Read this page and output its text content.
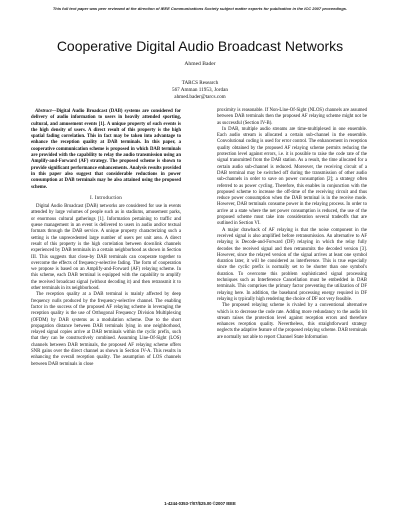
This full text paper was peer reviewed at the direction of IEEE Communications Society subject matter experts for publication in the ICC 2007 proceedings.
Cooperative Digital Audio Broadcast Networks
Ahmed Bader
TARCS Research
567 Amman 11953, Jordan
ahmed.bader@tarcs.com

Abstract—Digital Audio Broadcast (DAB) systems are considered for delivery of audio information to users in heavily attended sporting, cultural, and amusement events [1]. A unique property of such events is the high density of users. A direct result of this property is the high spatial fading correlation. This in fact may be taken into advantage to enhance the reception quality at DAB terminals. In this paper, a cooperative communication scheme is proposed in which DAB terminals are provided with the capability to relay the audio transmission using an Amplify-and-Forward (AF) strategy. The proposed scheme is shown to provide significant performance enhancements. Analysis results provided in this paper also suggest that considerable reductions in power consumption at DAB terminals may be also attained using the proposed scheme.

I. Introduction

Digital Audio Broadcast (DAB) networks are considered for use in events attended by large volumes of people such as in stadiums, amusement parks, or enormous cultural gatherings [1]. Information pertaining to traffic and queue management in an event is delivered to users in audio and/or textual formats through the DAB service. A unique property characterizing such a setting is the unprecedented large number of users per unit area. A direct result of this property is the high correlation between downlink channels experienced by DAB terminals in a certain neighborhood as shown in Section III. This suggests that close-by DAB terminals can cooperate together to overcome the effects of frequency-selective fading. The form of cooperation we propose is based on an Amplify-and-Forward (AF) relaying scheme. In this scheme, each DAB terminal is equipped with the capability to amplify the received broadcast signal (without decoding it) and then retransmit it to other terminals in its neighborhood.

The reception quality at a DAB terminal is mainly affected by deep frequency nulls produced by the frequency-selective channel. The enabling factor in the success of the proposed AF relaying scheme in leveraging the reception quality is the use of Orthogonal Frequency Division Multiplexing (OFDM) by DAB systems as a modulation scheme. Due to the short propagation distance between DAB terminals lying in one neighborhood, relayed signal copies arrive at DAB terminals within the cyclic prefix, such that they can be constructively combined. Assuming Line-Of-Sight (LOS) channels between DAB terminals, the proposed AF relaying scheme offers SNR gains over the direct channel as shown in Section IV-A. This results in enhancing the overall reception quality. The assumption of LOS channels between DAB terminals in close

proximity is reasonable. If Non-Line-Of-Sight (NLOS) channels are assumed between DAB terminals then the proposed AF relaying scheme might not be as successful (Section IV-B).

In DAB, multiple audio streams are time-multiplexed in one ensemble. Each audio stream is allocated a certain sub-channel in the ensemble. Convolutional coding is used for error control. The enhancement in reception quality obtained by the proposed AF relaying scheme permits reducing the protection level against errors, i.e. it is possible to raise the code rate of the signal transmitted from the DAB station. As a result, the time allocated for a certain audio sub-channel is reduced. Moreover, the receiving circuit of a DAB terminal may be switched off during the transmission of other audio sub-channels in order to save on power consumption [2]; a strategy often referred to as power cycling. Therefore, this enables in conjunction with the proposed scheme to increase the off-time of the receiving circuit and thus reduce power consumption when the DAB terminal is in the receive mode. However, DAB terminals consume power in the relaying process. In order to arrive at a state where the net power consumption is reduced, the use of the proposed scheme must take into consideration several tradeoffs that are outlined in Section VI.

A major drawback of AF relaying is that the noise component in the received signal is also amplified before retransmission. An alternative to AF relaying is Decode-and-Forward (DF) relaying in which the relay fully decodes the received signal and then retransmits the decoded version [3]. However, since the relayed version of the signal arrives at least one symbol duration later, it will be considered as interference. This is true especially since the cyclic prefix is normally set to be shorter than one symbol's duration. To overcome this problem sophisticated signal processing techniques such as Interference Cancellation must be embedded in DAB terminals. This comprises the primary factor preventing the utilization of DF relaying here. In addition, the baseband processing energy required in DF relaying is typically high rendering the choice of DF not very feasible.

The proposed relaying scheme is rivaled by a conventional alternative which is to decrease the code rate. Adding more redundancy to the audio bit stream raises the protection level against reception errors and therefore enhances reception quality. Nevertheless, this straightforward strategy neglects the adaptive feature of the proposed relaying scheme. DAB terminals are normally not able to report Channel State Information

1-4244-0353-7/07/$25.00 ©2007 IEEE
